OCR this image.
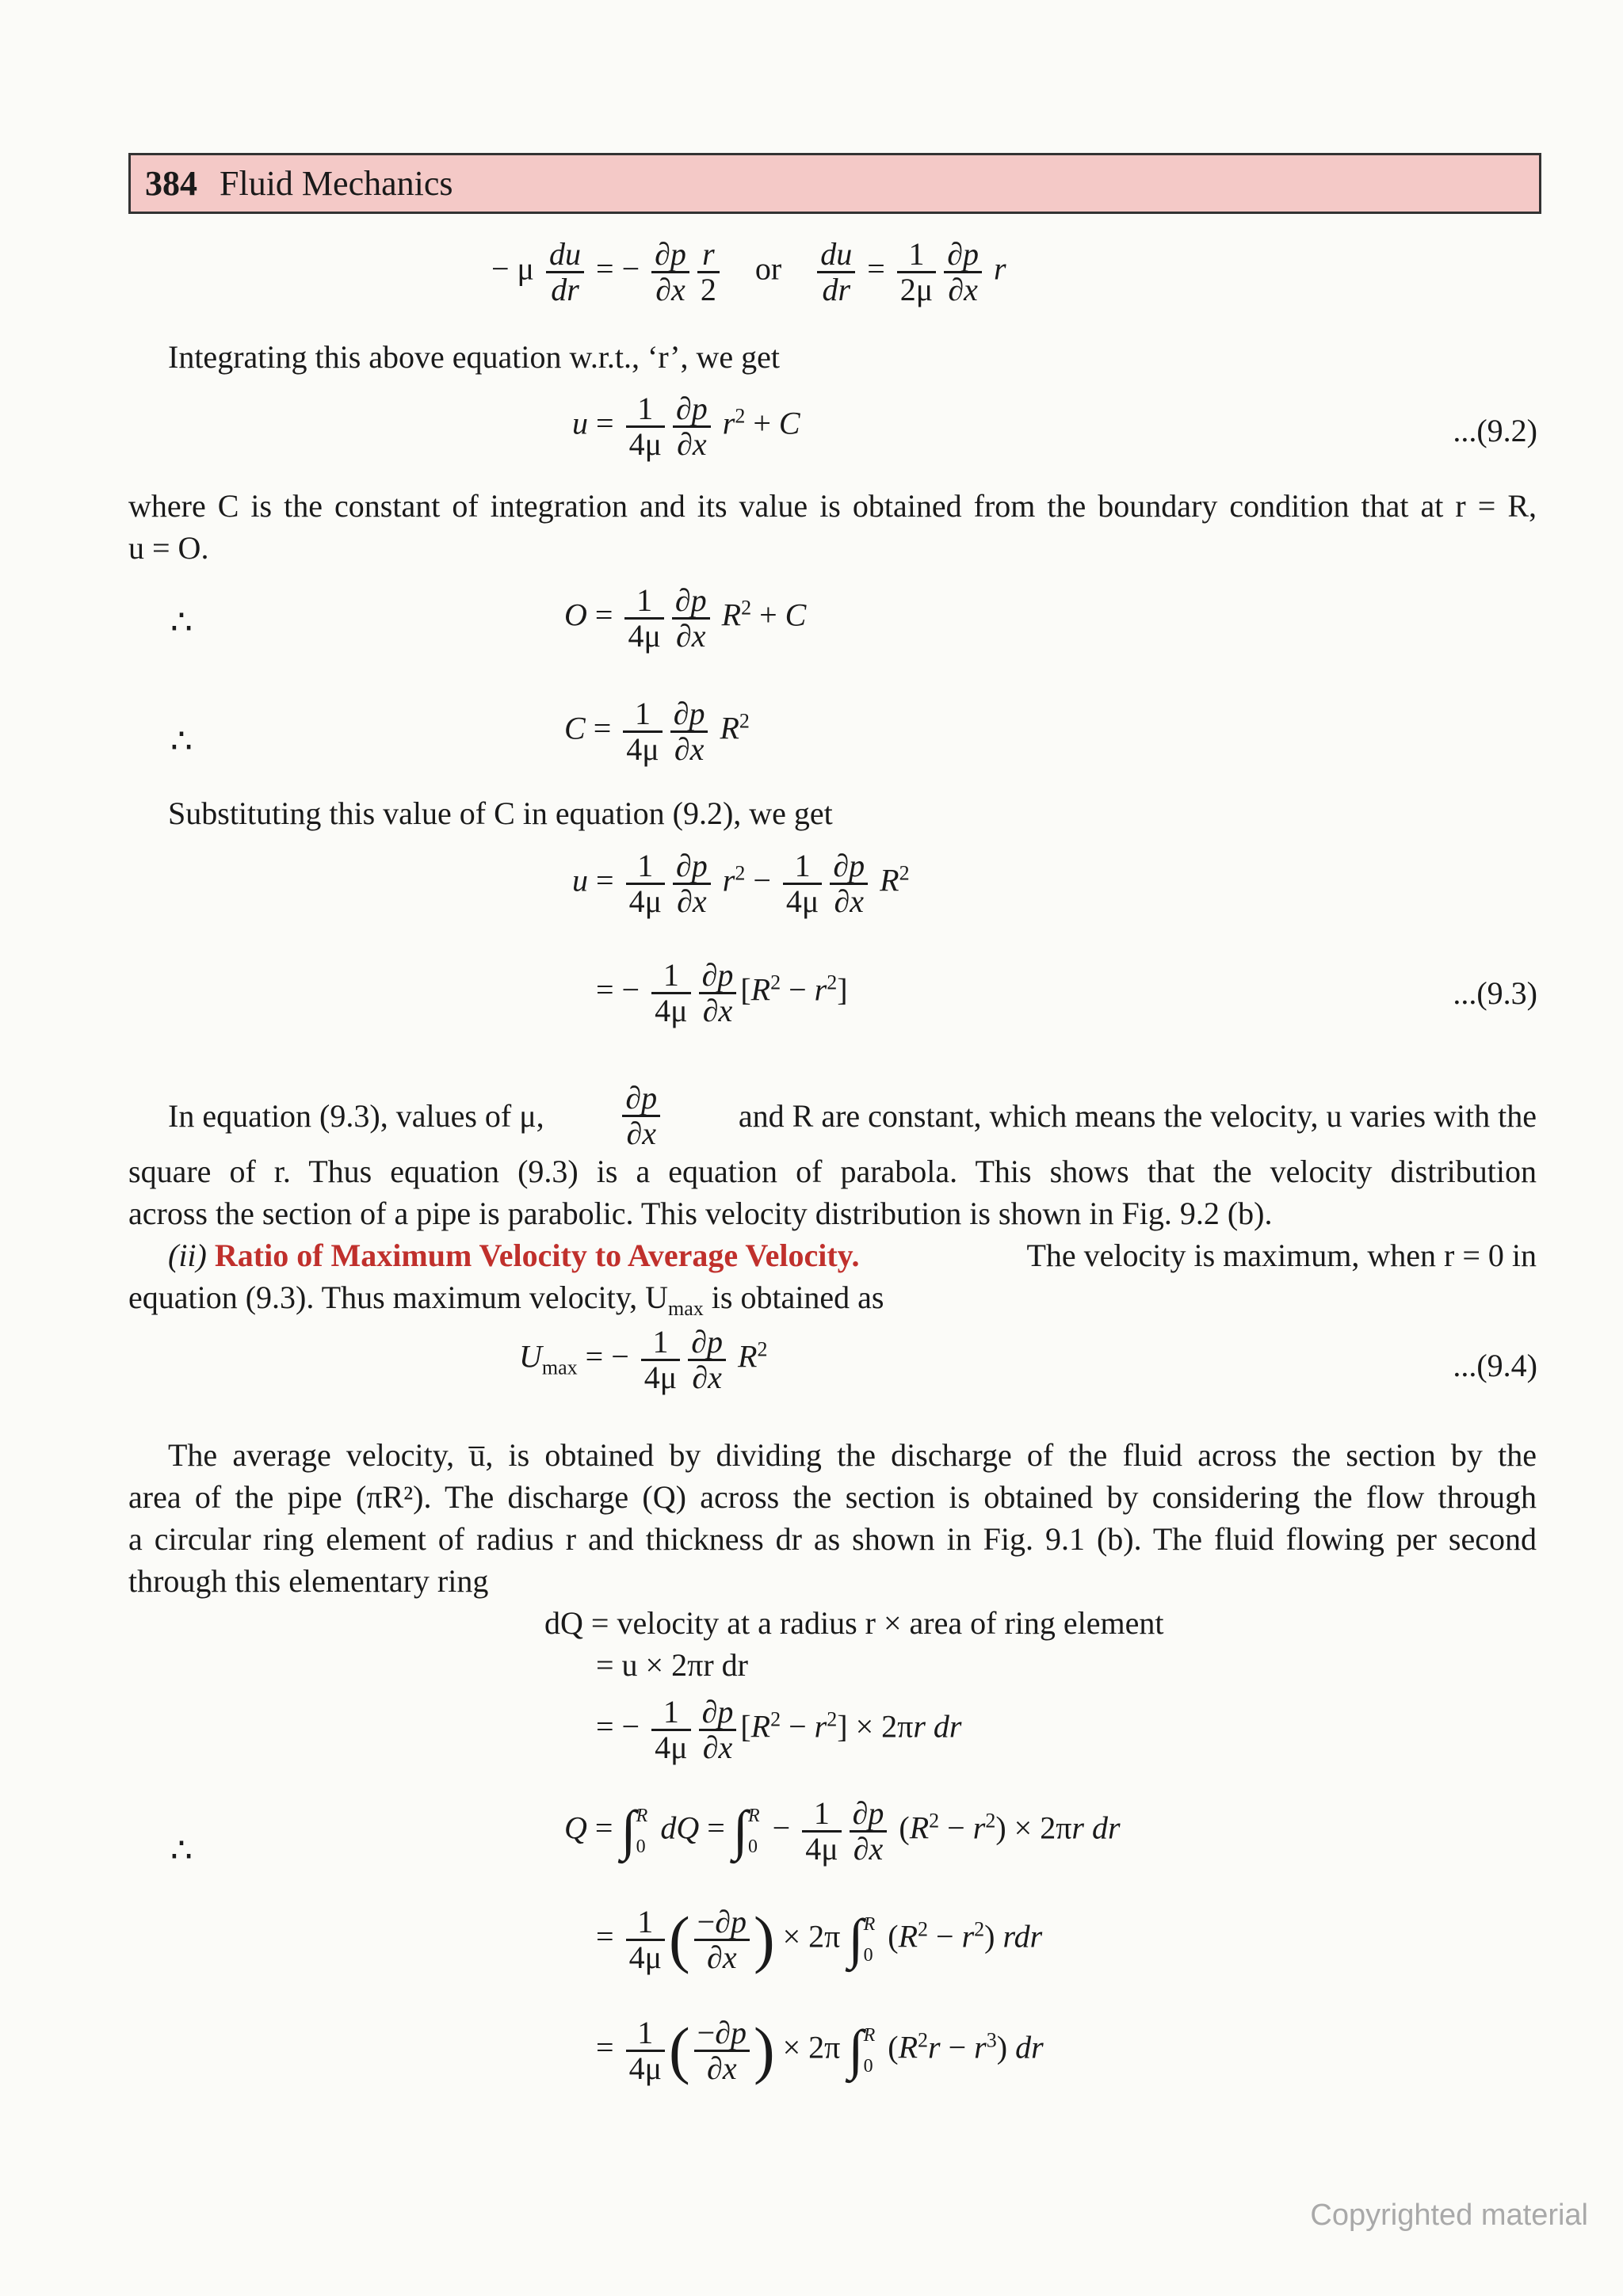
384 Fluid Mechanics
− μ $\frac{du}{dr}$ = − $\frac{\partial p}{\partial x} \frac{r}{2}$ or $\frac{du}{dr} = \frac{1}{2\mu} \frac{\partial p}{\partial x}$ r
Integrating this above equation w.r.t., ‘r’, we get
$u = \frac{1}{4\mu} \frac{\partial p}{\partial x} r^2 + C$	...(9.2)
where C is the constant of integration and its value is obtained from the boundary condition that at r = R,
u = O.
∴	$O = \frac{1}{4\mu} \frac{\partial p}{\partial x} R^2 + C$
∴	$C = \frac{1}{4\mu} \frac{\partial p}{\partial x} R^2$
Substituting this value of C in equation (9.2), we get
$u = \frac{1}{4\mu} \frac{\partial p}{\partial x} r^2 - \frac{1}{4\mu} \frac{\partial p}{\partial x} R^2$
= − $\frac{1}{4\mu} \frac{\partial p}{\partial x} [R^2 - r^2]$	...(9.3)
In equation (9.3), values of μ, $\frac{\partial p}{\partial x}$ and R are constant, which means the velocity, u varies with the
square of r. Thus equation (9.3) is a equation of parabola. This shows that the velocity distribution
across the section of a pipe is parabolic. This velocity distribution is shown in Fig. 9.2 (b).
(ii) Ratio of Maximum Velocity to Average Velocity.	The velocity is maximum, when r = 0 in
equation (9.3). Thus maximum velocity, $U_{max}$ is obtained as
$U_{max}$ = − $\frac{1}{4\mu} \frac{\partial p}{\partial x} R^2$	...(9.4)
The average velocity, u̅, is obtained by dividing the discharge of the fluid across the section by the
area of the pipe (πR²). The discharge (Q) across the section is obtained by considering the flow through
a circular ring element of radius r and thickness dr as shown in Fig. 9.1 (b). The fluid flowing per second
through this elementary ring
dQ = velocity at a radius r × area of ring element
= u × 2πr dr
= − $\frac{1}{4\mu} \frac{\partial p}{\partial x} [R^2 - r^2] \times 2\pi r$ dr
∴
Q = ∫ R
0
dQ = ∫ R
0
− $\frac{1}{4\mu} \frac{\partial p}{\partial x} (R^2 - r^2) \times 2\pi r$ dr
= $\frac{1}{4\mu}$ ( $\frac{-\partial p}{\partial x}$ ) × 2π ∫ R
0
$(R^2 - r^2)$ rdr
= $\frac{1}{4\mu}$ ( $\frac{-\partial p}{\partial x}$ ) × 2π ∫ R
0
$(R^2r - r^3)$ dr
Copyrighted material
